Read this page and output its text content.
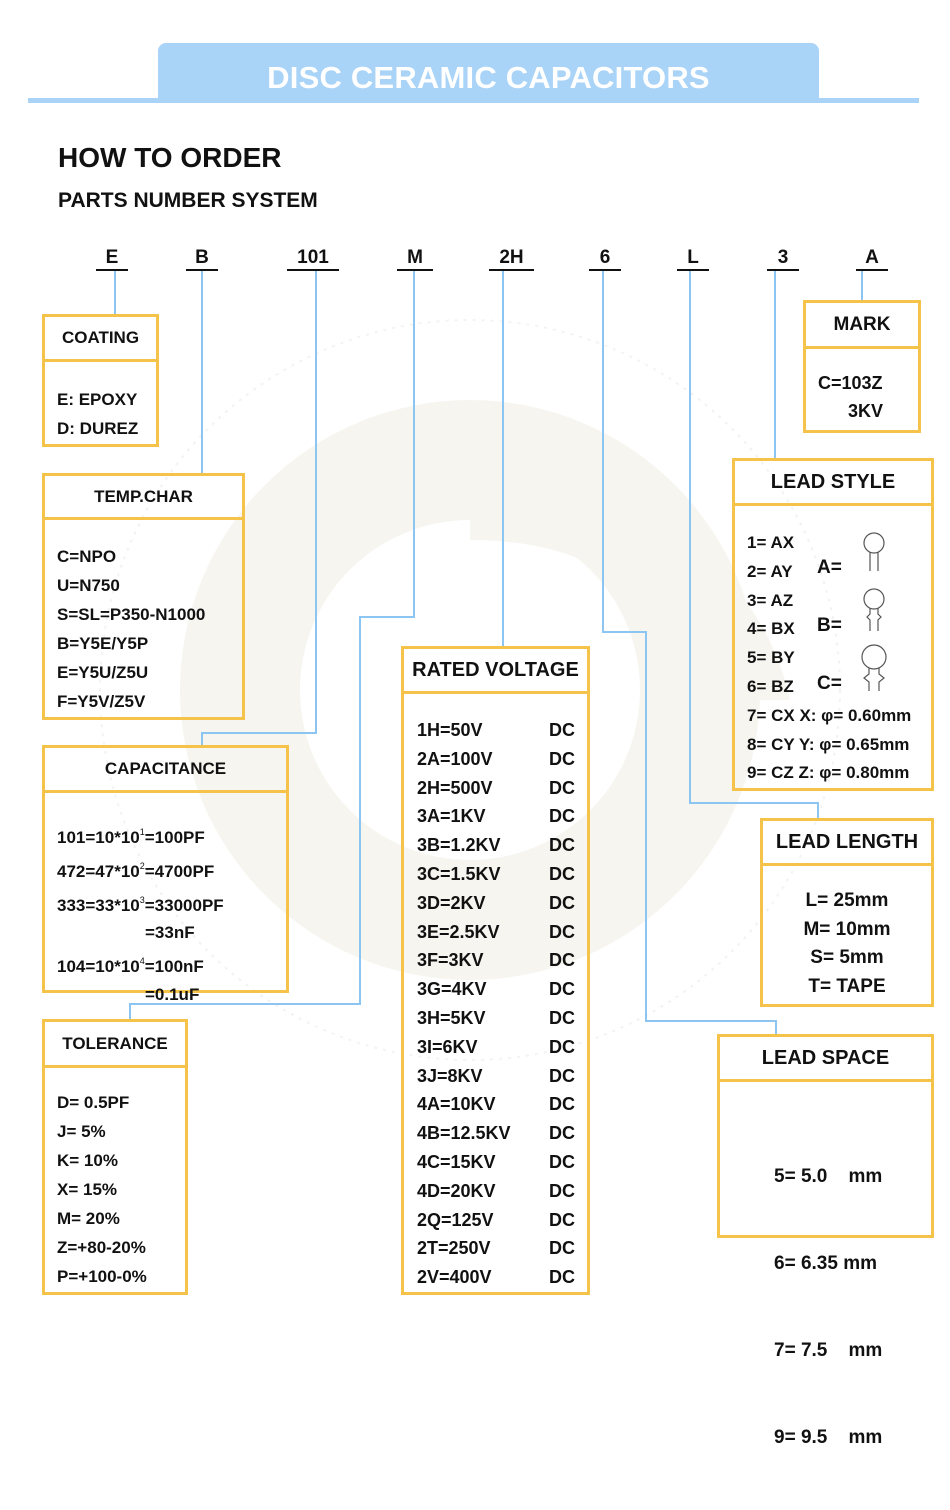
DISC CERAMIC CAPACITORS
HOW TO ORDER
PARTS NUMBER SYSTEM
E	B	101	M	2H	6	L	3	A
COATING
E: EPOXY
D: DUREZ
TEMP.CHAR
C=NPO
U=N750
S=SL=P350-N1000
B=Y5E/Y5P
E=Y5U/Z5U
F=Y5V/Z5V
CAPACITANCE
$101=10*10^1=100PF$
$472=47*10^2=4700PF$
$333=33*10^3=33000PF$
=33nF
$104=10*10^4=100nF$
=0.1uF
TOLERANCE
D= 0.5PF
J= 5%
K= 10%
X= 15%
M= 20%
Z=+80-20%
P=+100-0%
RATED VOLTAGE
1H=50V	DC
2A=100V	DC
2H=500V	DC
3A=1KV	DC
3B=1.2KV	DC
3C=1.5KV	DC
3D=2KV	DC
3E=2.5KV	DC
3F=3KV	DC
3G=4KV	DC
3H=5KV	DC
3I=6KV	DC
3J=8KV	DC
4A=10KV	DC
4B=12.5KV DC
4C=15KV	DC
4D=20KV	DC
2Q=125V	DC
2T=250V	DC
2V=400V	DC
MARK
C=103Z
3KV
LEAD STYLE
1= AX
2= AY
3= AZ
4= BX
5= BY
6= BZ
7= CX X: φ= 0.60mm
8= CY Y: φ= 0.65mm
9= CZ Z: φ= 0.80mm
A=
B=
C=
LEAD LENGTH
L= 25mm
M= 10mm
S= 5mm
T= TAPE
LEAD SPACE

5= 5.0    mm

6= 6.35 mm

7= 7.5    mm

9= 9.5    mm
